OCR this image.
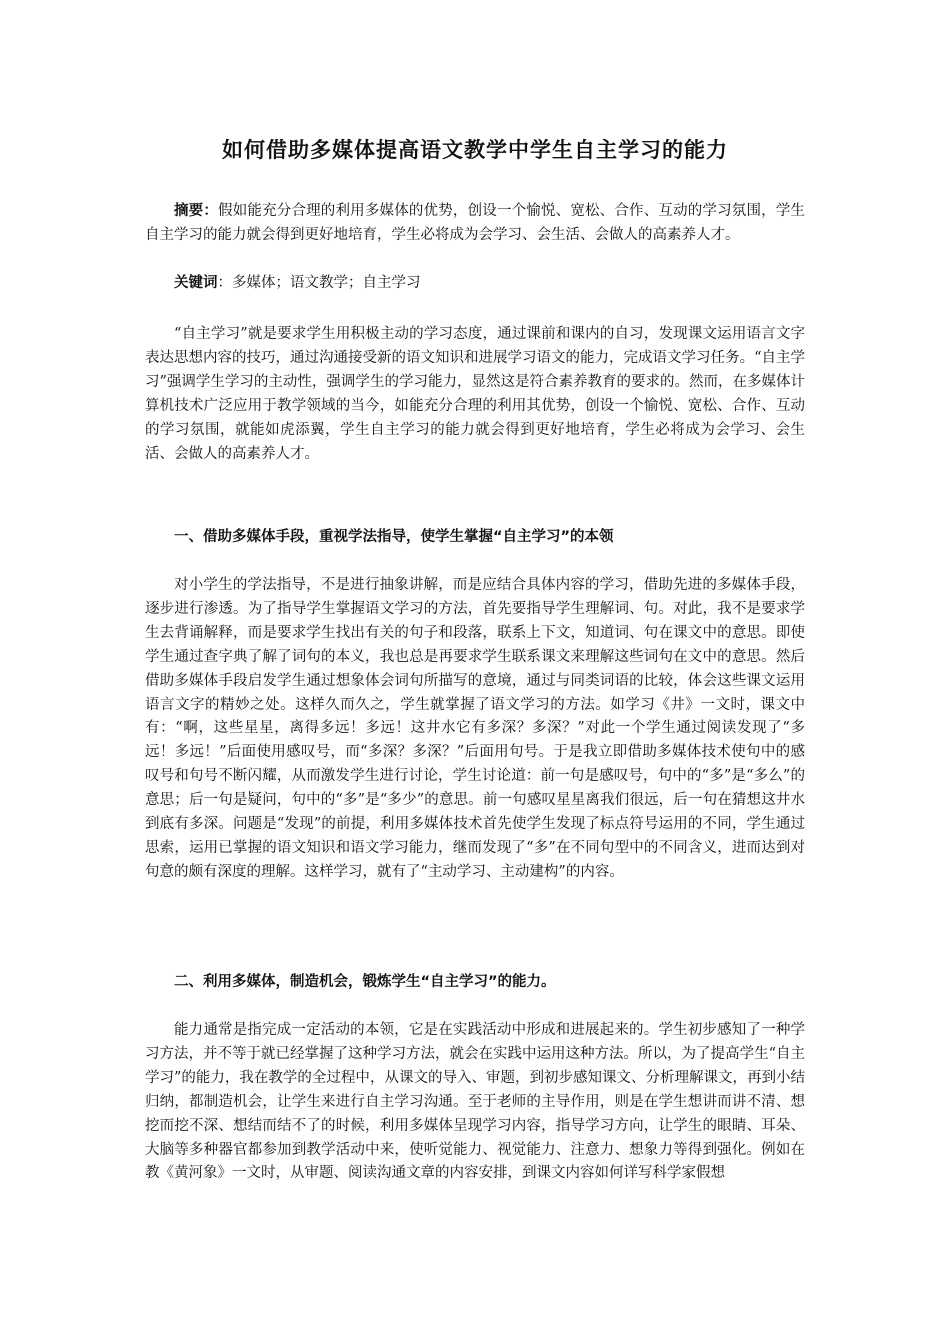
如何借助多媒体提高语文教学中学生自主学习的能力

摘要：假如能充分合理的利用多媒体的优势，创设一个愉悦、宽松、合作、互动的学习氛围，学生自主学习的能力就会得到更好地培育，学生必将成为会学习、会生活、会做人的高素养人才。

关键词：多媒体；语文教学；自主学习

“自主学习”就是要求学生用积极主动的学习态度，通过课前和课内的自习，发现课文运用语言文字表达思想内容的技巧，通过沟通接受新的语文知识和进展学习语文的能力，完成语文学习任务。“自主学习”强调学生学习的主动性，强调学生的学习能力，显然这是符合素养教育的要求的。然而，在多媒体计算机技术广泛应用于教学领域的当今，如能充分合理的利用其优势，创设一个愉悦、宽松、合作、互动的学习氛围，就能如虎添翼，学生自主学习的能力就会得到更好地培育，学生必将成为会学习、会生活、会做人的高素养人才。

一、借助多媒体手段，重视学法指导，使学生掌握“自主学习”的本领

对小学生的学法指导，不是进行抽象讲解，而是应结合具体内容的学习，借助先进的多媒体手段，逐步进行渗透。为了指导学生掌握语文学习的方法，首先要指导学生理解词、句。对此，我不是要求学生去背诵解释，而是要求学生找出有关的句子和段落，联系上下文，知道词、句在课文中的意思。即使学生通过查字典了解了词句的本义，我也总是再要求学生联系课文来理解这些词句在文中的意思。然后借助多媒体手段启发学生通过想象体会词句所描写的意境，通过与同类词语的比较，体会这些课文运用语言文字的精妙之处。这样久而久之，学生就掌握了语文学习的方法。如学习《井》一文时，课文中有：“啊，这些星星，离得多远！多远！这井水它有多深？多深？”对此一个学生通过阅读发现了“多远！多远！”后面使用感叹号，而“多深？多深？”后面用句号。于是我立即借助多媒体技术使句中的感叹号和句号不断闪耀，从而激发学生进行讨论，学生讨论道：前一句是感叹号，句中的“多”是“多么”的意思；后一句是疑问，句中的“多”是“多少”的意思。前一句感叹星星离我们很远，后一句在猜想这井水到底有多深。问题是“发现”的前提，利用多媒体技术首先使学生发现了标点符号运用的不同，学生通过思索，运用已掌握的语文知识和语文学习能力，继而发现了“多”在不同句型中的不同含义，进而达到对句意的颇有深度的理解。这样学习，就有了“主动学习、主动建构”的内容。

二、利用多媒体，制造机会，锻炼学生“自主学习”的能力。

能力通常是指完成一定活动的本领，它是在实践活动中形成和进展起来的。学生初步感知了一种学习方法，并不等于就已经掌握了这种学习方法，就会在实践中运用这种方法。所以，为了提高学生“自主学习”的能力，我在教学的全过程中，从课文的导入、审题，到初步感知课文、分析理解课文，再到小结归纳，都制造机会，让学生来进行自主学习沟通。至于老师的主导作用，则是在学生想讲而讲不清、想挖而挖不深、想结而结不了的时候，利用多媒体呈现学习内容，指导学习方向，让学生的眼睛、耳朵、大脑等多种器官都参加到教学活动中来，使听觉能力、视觉能力、注意力、想象力等得到强化。例如在教《黄河象》一文时，从审题、阅读沟通文章的内容安排，到课文内容如何详写科学家假想
